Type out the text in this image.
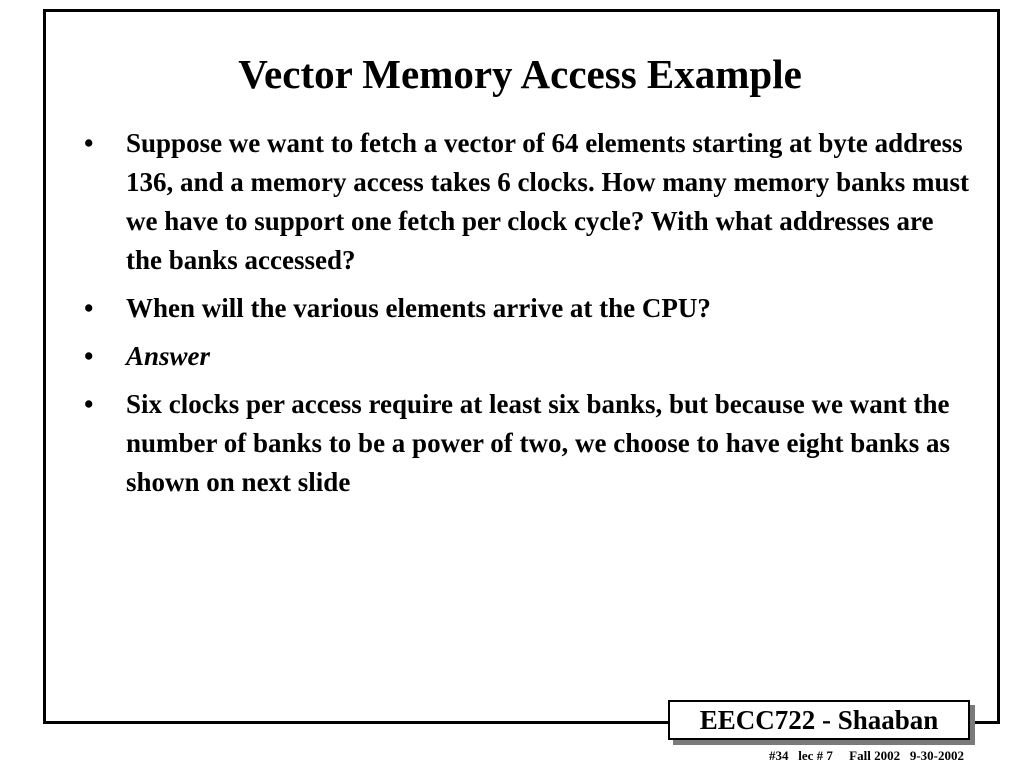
Vector Memory Access Example
• Suppose we want to fetch a vector of 64 elements starting at byte address 136, and a memory access takes 6 clocks. How many memory banks must we have to support one fetch per clock cycle? With what addresses are the banks accessed?
• When will the various elements arrive at the CPU?
• Answer
• Six clocks per access require at least six banks, but because we want the number of banks to be a power of two, we choose to have eight banks as shown on next slide
EECC722 - Shaaban
#34   lec # 7     Fall 2002   9-30-2002
